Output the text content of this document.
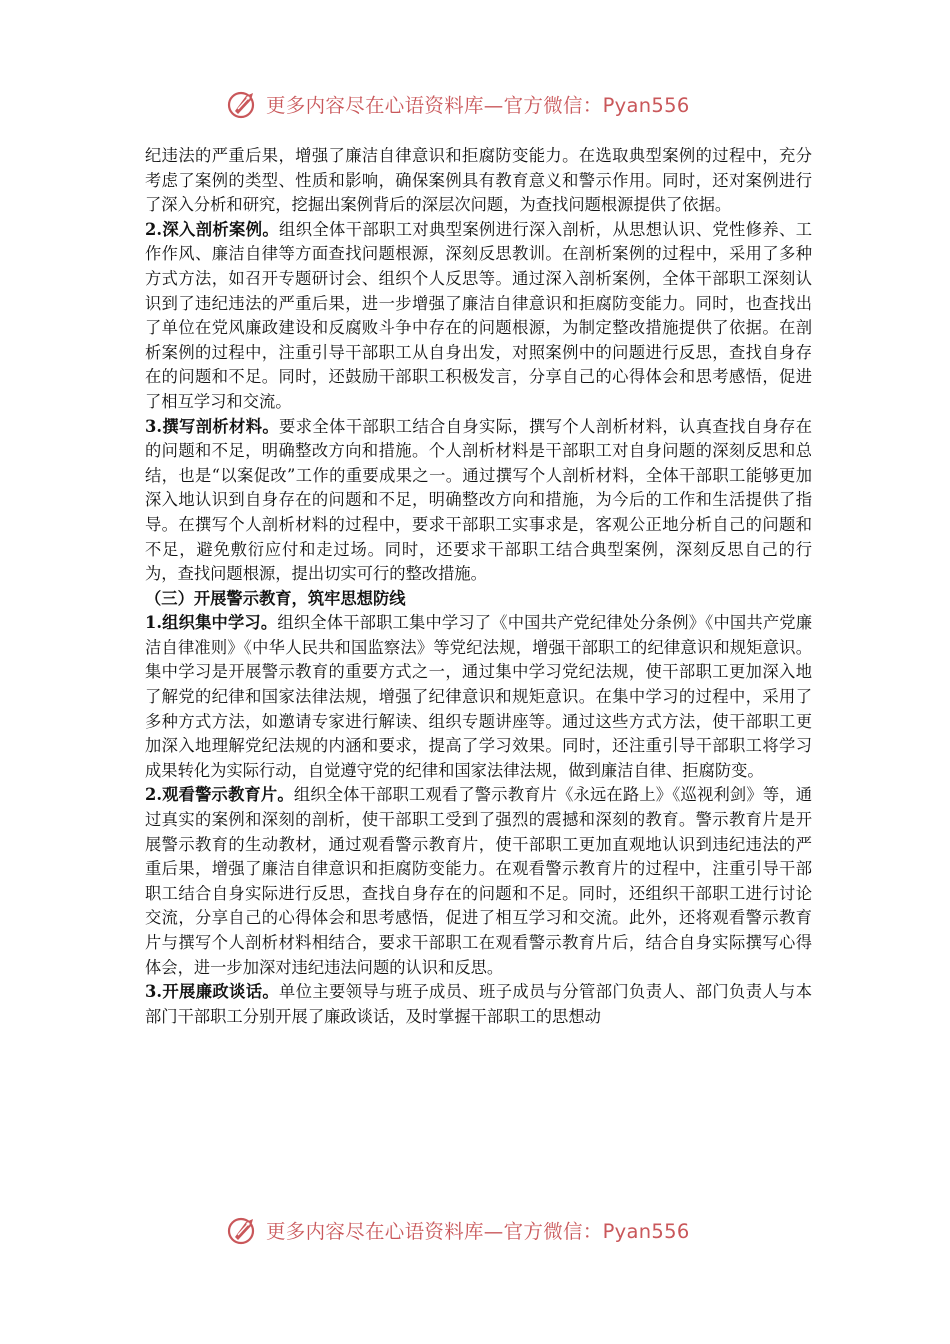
更多内容尽在心语资料库—官方微信：Pyan556

纪违法的严重后果，增强了廉洁自律意识和拒腐防变能力。在选取典型案例的过程中，充分考虑了案例的类型、性质和影响，确保案例具有教育意义和警示作用。同时，还对案例进行了深入分析和研究，挖掘出案例背后的深层次问题，为查找问题根源提供了依据。

2.深入剖析案例。组织全体干部职工对典型案例进行深入剖析，从思想认识、党性修养、工作作风、廉洁自律等方面查找问题根源，深刻反思教训。在剖析案例的过程中，采用了多种方式方法，如召开专题研讨会、组织个人反思等。通过深入剖析案例，全体干部职工深刻认识到了违纪违法的严重后果，进一步增强了廉洁自律意识和拒腐防变能力。同时，也查找出了单位在党风廉政建设和反腐败斗争中存在的问题根源，为制定整改措施提供了依据。在剖析案例的过程中，注重引导干部职工从自身出发，对照案例中的问题进行反思，查找自身存在的问题和不足。同时，还鼓励干部职工积极发言，分享自己的心得体会和思考感悟，促进了相互学习和交流。

3.撰写剖析材料。要求全体干部职工结合自身实际，撰写个人剖析材料，认真查找自身存在的问题和不足，明确整改方向和措施。个人剖析材料是干部职工对自身问题的深刻反思和总结，也是“以案促改”工作的重要成果之一。通过撰写个人剖析材料，全体干部职工能够更加深入地认识到自身存在的问题和不足，明确整改方向和措施，为今后的工作和生活提供了指导。在撰写个人剖析材料的过程中，要求干部职工实事求是，客观公正地分析自己的问题和不足，避免敷衍应付和走过场。同时，还要求干部职工结合典型案例，深刻反思自己的行为，查找问题根源，提出切实可行的整改措施。

（三）开展警示教育，筑牢思想防线

1.组织集中学习。组织全体干部职工集中学习了《中国共产党纪律处分条例》《中国共产党廉洁自律准则》《中华人民共和国监察法》等党纪法规，增强干部职工的纪律意识和规矩意识。集中学习是开展警示教育的重要方式之一，通过集中学习党纪法规，使干部职工更加深入地了解党的纪律和国家法律法规，增强了纪律意识和规矩意识。在集中学习的过程中，采用了多种方式方法，如邀请专家进行解读、组织专题讲座等。通过这些方式方法，使干部职工更加深入地理解党纪法规的内涵和要求，提高了学习效果。同时，还注重引导干部职工将学习成果转化为实际行动，自觉遵守党的纪律和国家法律法规，做到廉洁自律、拒腐防变。

2.观看警示教育片。组织全体干部职工观看了警示教育片《永远在路上》《巡视利剑》等，通过真实的案例和深刻的剖析，使干部职工受到了强烈的震撼和深刻的教育。警示教育片是开展警示教育的生动教材，通过观看警示教育片，使干部职工更加直观地认识到违纪违法的严重后果，增强了廉洁自律意识和拒腐防变能力。在观看警示教育片的过程中，注重引导干部职工结合自身实际进行反思，查找自身存在的问题和不足。同时，还组织干部职工进行讨论交流，分享自己的心得体会和思考感悟，促进了相互学习和交流。此外，还将观看警示教育片与撰写个人剖析材料相结合，要求干部职工在观看警示教育片后，结合自身实际撰写心得体会，进一步加深对违纪违法问题的认识和反思。

3.开展廉政谈话。单位主要领导与班子成员、班子成员与分管部门负责人、部门负责人与本部门干部职工分别开展了廉政谈话，及时掌握干部职工的思想动

更多内容尽在心语资料库—官方微信：Pyan556
